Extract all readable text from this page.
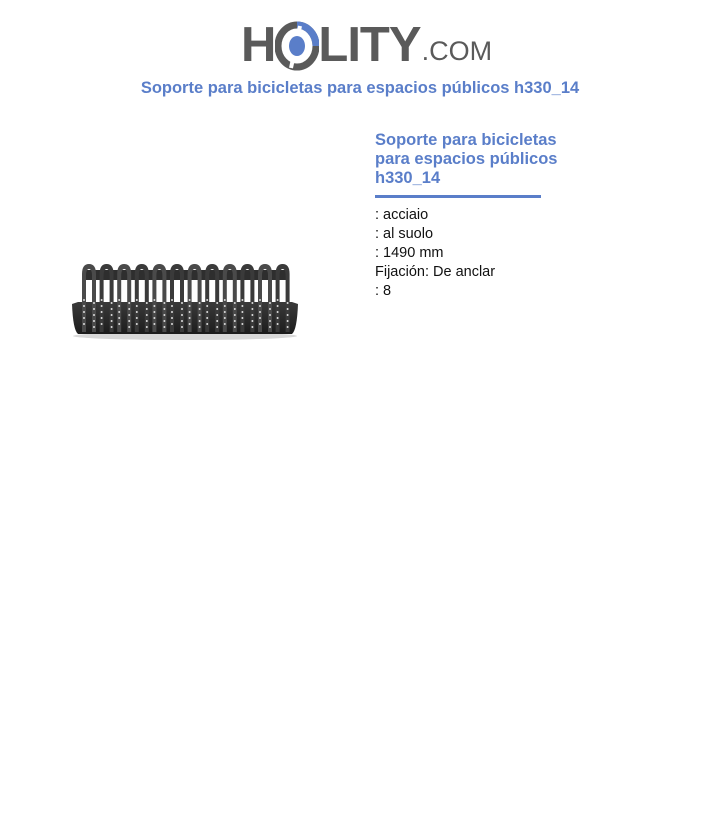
H LITY .COM
Soporte para bicicletas para espacios públicos h330_14
Soporte para bicicletas para espacios públicos h330_14
: acciaio
: al suolo
: 1490 mm
Fijación: De anclar
: 8
